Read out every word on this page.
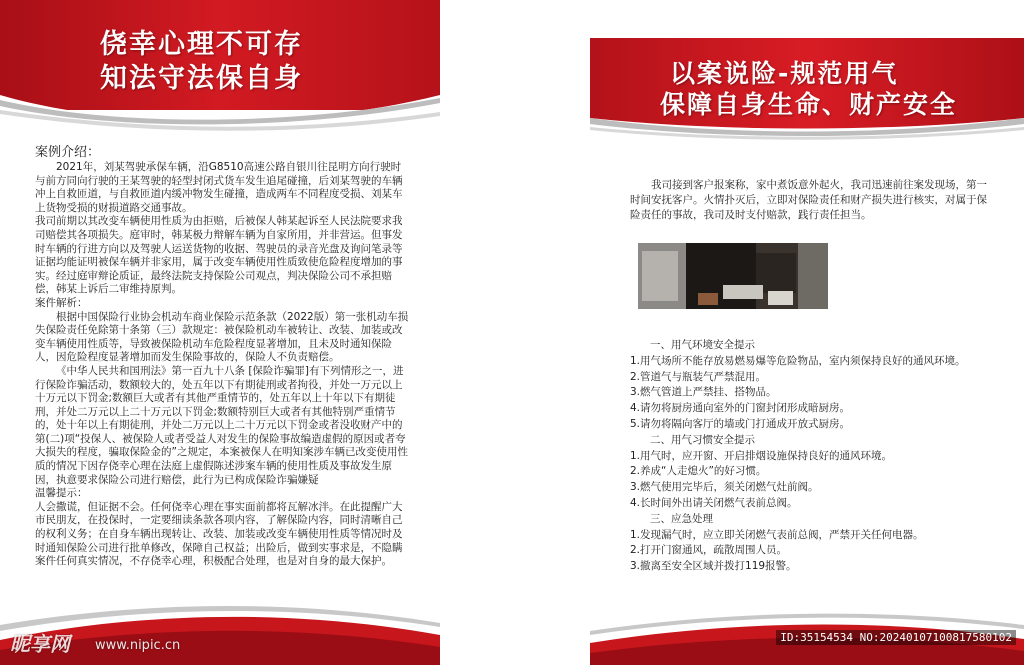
侥幸心理不可存
知法守法保自身
案例介绍：

2021年，刘某驾驶承保车辆，沿G8510高速公路自银川往昆明方向行驶时与前方同向行驶的王某驾驶的轻型封闭式货车发生追尾碰撞，后刘某驾驶的车辆冲上自救匝道，与自救匝道内缓冲物发生碰撞，造成两车不同程度受损、刘某车上货物受损的财损道路交通事故。

我司前期以其改变车辆使用性质为由拒赔，后被保人韩某起诉至人民法院要求我司赔偿其各项损失。庭审时，韩某极力辩解车辆为自家所用，并非营运。但事发时车辆的行进方向以及驾驶人运送货物的收据、驾驶员的录音光盘及询问笔录等证据均能证明被保车辆并非家用，属于改变车辆使用性质致使危险程度增加的事实。经过庭审辩论质证，最终法院支持保险公司观点，判决保险公司不承担赔偿，韩某上诉后二审维持原判。

案件解析：

根据中国保险行业协会机动车商业保险示范条款（2022版）第一张机动车损失保险责任免除第十条第（三）款规定：被保险机动车被转让、改装、加装或改变车辆使用性质等，导致被保险机动车危险程度显著增加，且未及时通知保险人，因危险程度显著增加而发生保险事故的，保险人不负责赔偿。

《中华人民共和国刑法》第一百九十八条 [保险诈骗罪]有下列情形之一，进行保险诈骗活动，数额较大的，处五年以下有期徒刑或者拘役，并处一万元以上十万元以下罚金;数额巨大或者有其他严重情节的，处五年以上十年以下有期徒刑，并处二万元以上二十万元以下罚金;数额特别巨大或者有其他特别严重情节的，处十年以上有期徒刑，并处二万元以上二十万元以下罚金或者没收财产中的第(二)项“投保人、被保险人或者受益人对发生的保险事故编造虚假的原因或者夸大损失的程度，骗取保险金的”之规定，本案被保人在明知案涉车辆已改变使用性质的情况下因存侥幸心理在法庭上虚假陈述涉案车辆的使用性质及事故发生原因，执意要求保险公司进行赔偿，此行为已构成保险诈骗嫌疑

温馨提示：

人会撒谎，但证据不会。任何侥幸心理在事实面前都将瓦解冰泮。在此提醒广大市民朋友，在投保时，一定要细读条款各项内容，了解保险内容，同时清晰自己的权利义务；在自身车辆出现转让、改装、加装或改变车辆使用性质等情况时及时通知保险公司进行批单修改，保障自己权益；出险后，做到实事求是，不隐瞒案件任何真实情况，不存侥幸心理，积极配合处理，也是对自身的最大保护。

以案说险-规范用气
保障自身生命、财产安全
我司接到客户报案称，家中煮饭意外起火，我司迅速前往案发现场，第一时间安抚客户。火情扑灭后，立即对保险责任和财产损失进行核实，对属于保险责任的事故，我司及时支付赔款，践行责任担当。
一、用气环境安全提示
1.用气场所不能存放易燃易爆等危险物品，室内须保持良好的通风环境。
2.管道气与瓶装气严禁混用。
3.燃气管道上严禁挂、搭物品。
4.请勿将厨房通向室外的门窗封闭形成暗厨房。
5.请勿将隔向客厅的墙或门打通成开放式厨房。
二、用气习惯安全提示
1.用气时，应开窗、开启排烟设施保持良好的通风环境。
2.养成“人走熄火”的好习惯。
3.燃气使用完毕后，须关闭燃气灶前阀。
4.长时间外出请关闭燃气表前总阀。
三、应急处理
1.发现漏气时，应立即关闭燃气表前总阀，严禁开关任何电器。
2.打开门窗通风，疏散周围人员。
3.撤离至安全区域并拨打119报警。
昵享网 www.nipic.cn
ID:35154534 NO:20240107100817580102
